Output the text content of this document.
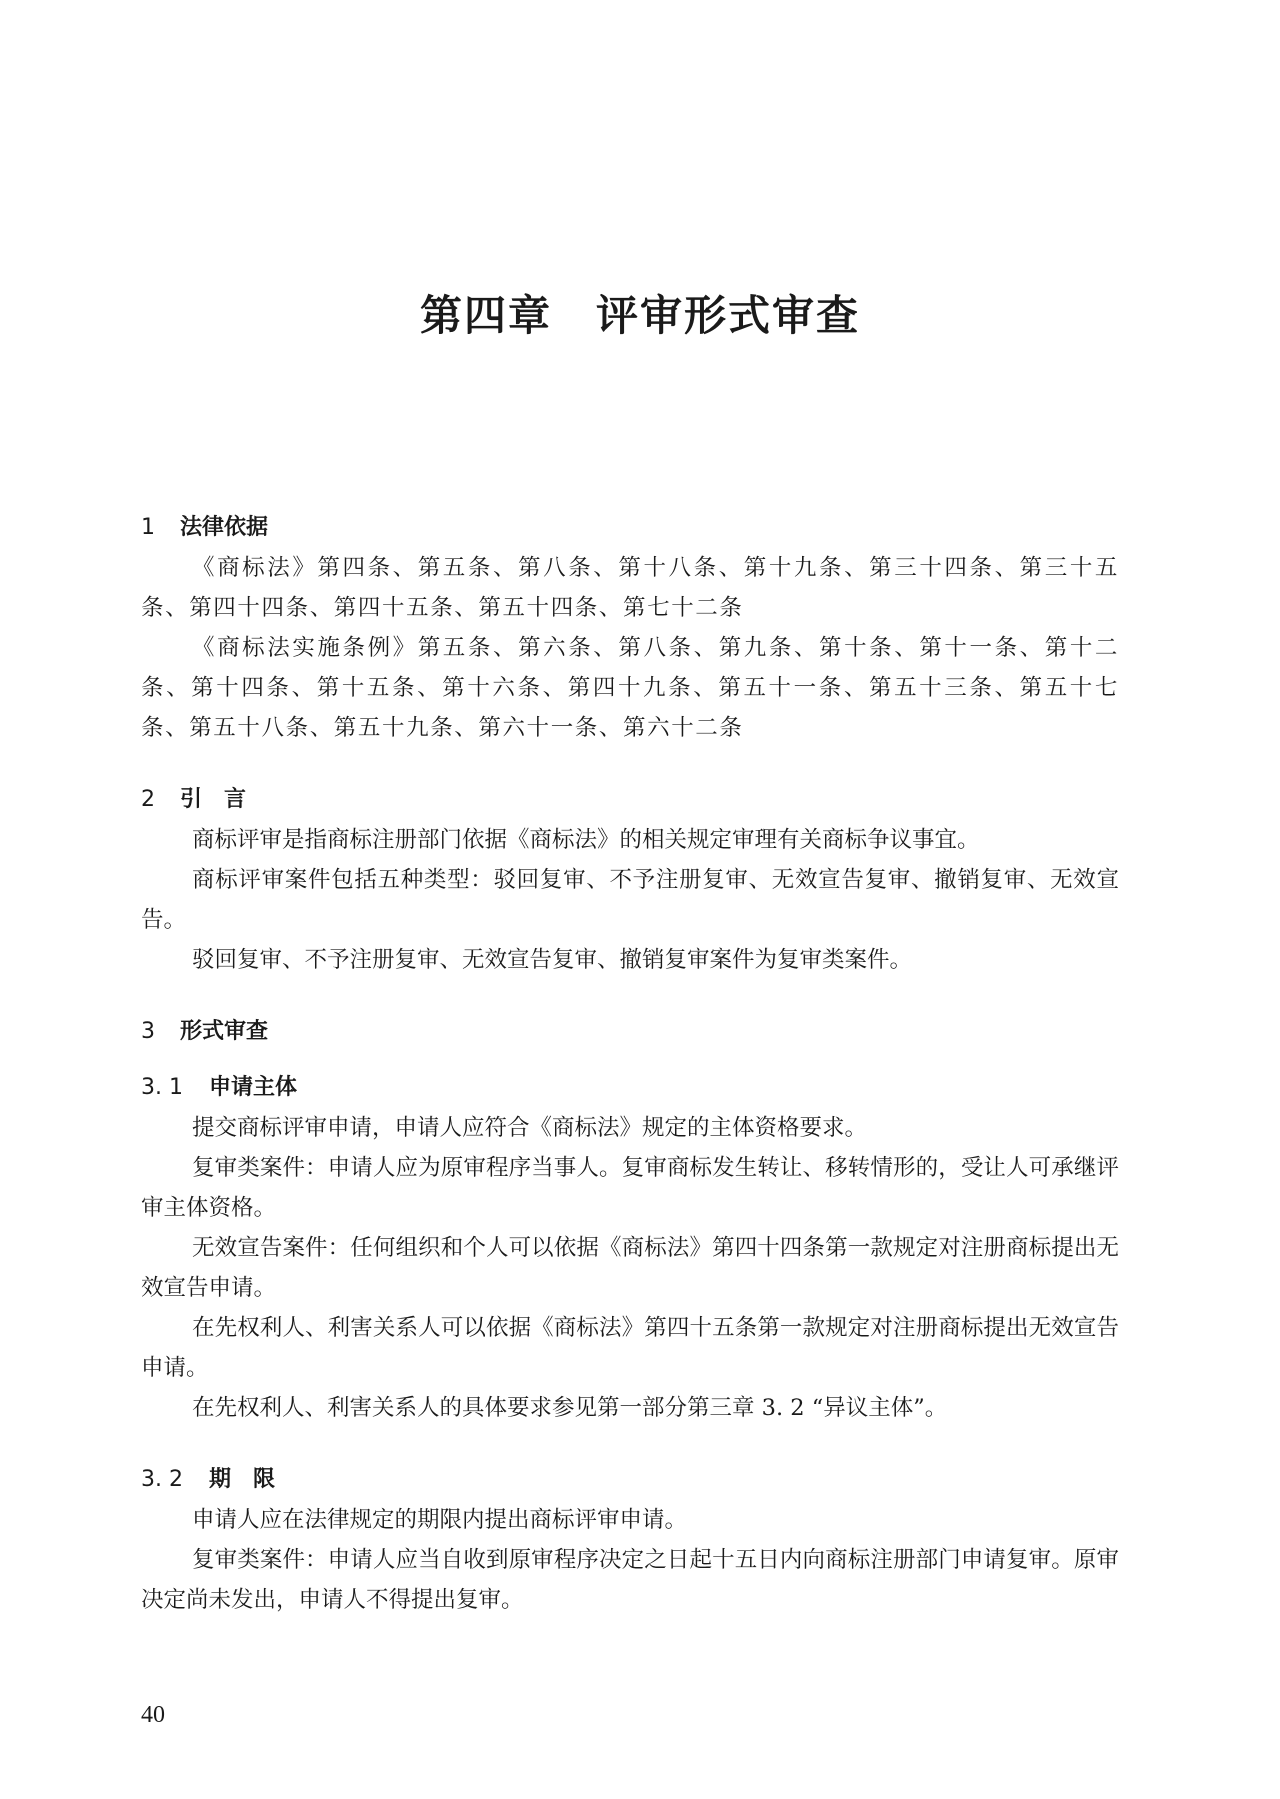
第四章 评审形式审查
1 法律依据

《商标法》第四条、第五条、第八条、第十八条、第十九条、第三十四条、第三十五条、第四十四条、第四十五条、第五十四条、第七十二条

《商标法实施条例》第五条、第六条、第八条、第九条、第十条、第十一条、第十二条、第十四条、第十五条、第十六条、第四十九条、第五十一条、第五十三条、第五十七条、第五十八条、第五十九条、第六十一条、第六十二条

2 引　言

商标评审是指商标注册部门依据《商标法》的相关规定审理有关商标争议事宜。

商标评审案件包括五种类型：驳回复审、不予注册复审、无效宣告复审、撤销复审、无效宣告。

驳回复审、不予注册复审、无效宣告复审、撤销复审案件为复审类案件。

3 形式审查
3. 1 申请主体

提交商标评审申请，申请人应符合《商标法》规定的主体资格要求。

复审类案件：申请人应为原审程序当事人。复审商标发生转让、移转情形的，受让人可承继评审主体资格。

无效宣告案件：任何组织和个人可以依据《商标法》第四十四条第一款规定对注册商标提出无效宣告申请。

在先权利人、利害关系人可以依据《商标法》第四十五条第一款规定对注册商标提出无效宣告申请。

在先权利人、利害关系人的具体要求参见第一部分第三章 3. 2 “异议主体”。

3. 2 期　限

申请人应在法律规定的期限内提出商标评审申请。

复审类案件：申请人应当自收到原审程序决定之日起十五日内向商标注册部门申请复审。原审决定尚未发出，申请人不得提出复审。

40
